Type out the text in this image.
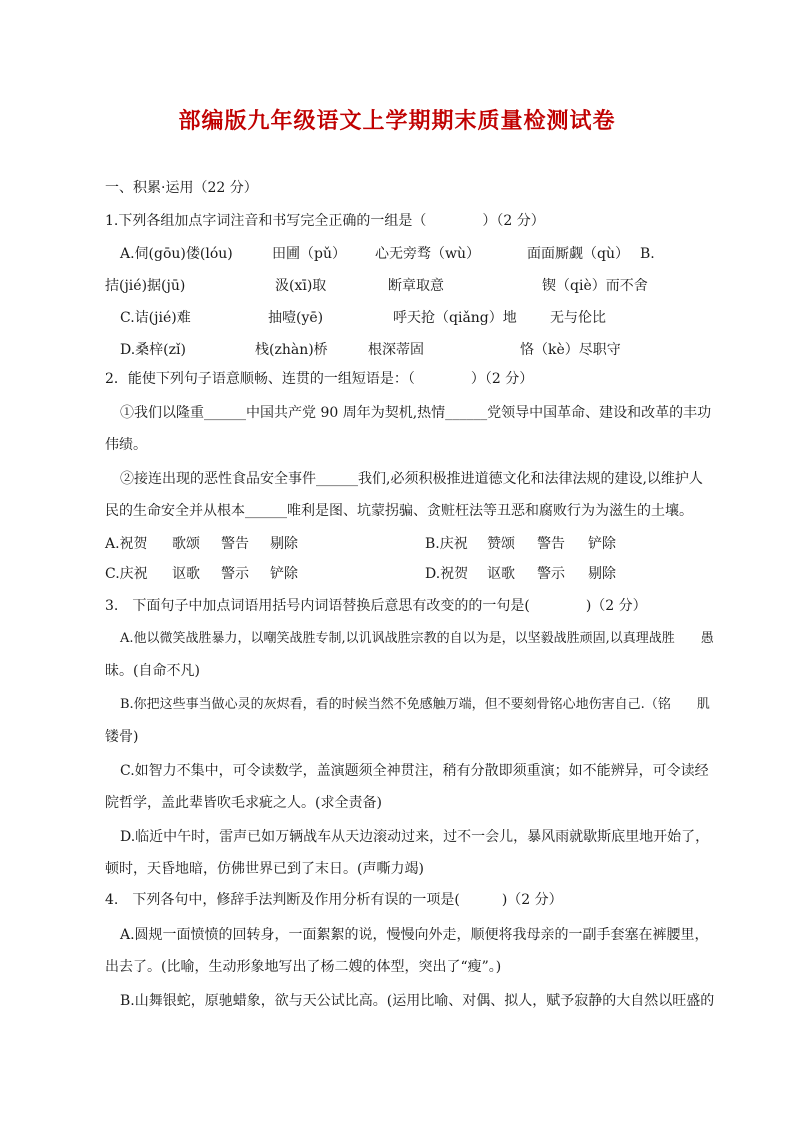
部编版九年级语文上学期期末质量检测试卷
一、积累·运用（22 分）
1.下列各组加点字词注音和书写完全正确的一组是（　　　　）（2 分）
A.伺(gōu)偻(lóu)	田圃（pǔ） 心无旁骛（wù）	面面厮觑（qù） B.
拮(jié)据(jū)	汲(xī)取	断章取意	锲（qiè）而不舍
C.诘(jié)难	抽噎(yē)	呼天抢（qiǎng）地 无与伦比
D.桑梓(zǐ)	栈(zhàn)桥	根深蒂固	恪（kè）尽职守
2．能使下列句子语意顺畅、连贯的一组短语是：（　　　　）（2 分）
①我们以隆重______中国共产党 90 周年为契机,热情______党领导中国革命、建设和改革的丰功
伟绩。
②接连出现的恶性食品安全事件______我们,必须积极推进道德文化和法律法规的建设,以维护人
民的生命安全并从根本______唯利是图、坑蒙拐骗、贪赃枉法等丑恶和腐败行为为滋生的土壤。
A.祝贺 歌颂 警告 剔除	B.庆祝 赞颂 警告 铲除
C.庆祝 讴歌 警示 铲除	D.祝贺 讴歌 警示 剔除
3.　下面句子中加点词语用括号内词语替换后意思有改变的的一句是(　　　　)（2 分）
A.他以微笑战胜暴力，以嘲笑战胜专制,以讥讽战胜宗教的自以为是，以坚毅战胜顽固,以真理战胜　　愚
昧。(自命不凡)
B.你把这些事当做心灵的灰烬看，看的时候当然不免感触万端，但不要刻骨铭心地伤害自己.（铭　　肌
镂骨)
C.如智力不集中，可令读数学，盖演题须全神贯注，稍有分散即须重演；如不能辨异，可令读经
院哲学，盖此辈皆吹毛求疵之人。(求全责备)
D.临近中午时，雷声已如万辆战车从天边滚动过来，过不一会儿，暴风雨就歇斯底里地开始了，
顿时，天昏地暗，仿佛世界已到了末日。(声嘶力竭)
4.　下列各句中，修辞手法判断及作用分析有误的一项是(　　　)（2 分）
A.圆规一面愤愤的回转身，一面絮絮的说，慢慢向外走，顺便将我母亲的一副手套塞在裤腰里，
出去了。(比喻，生动形象地写出了杨二嫂的体型，突出了“瘦”。)
B.山舞银蛇，原驰蜡象，欲与天公试比高。(运用比喻、对偶、拟人，赋予寂静的大自然以旺盛的
